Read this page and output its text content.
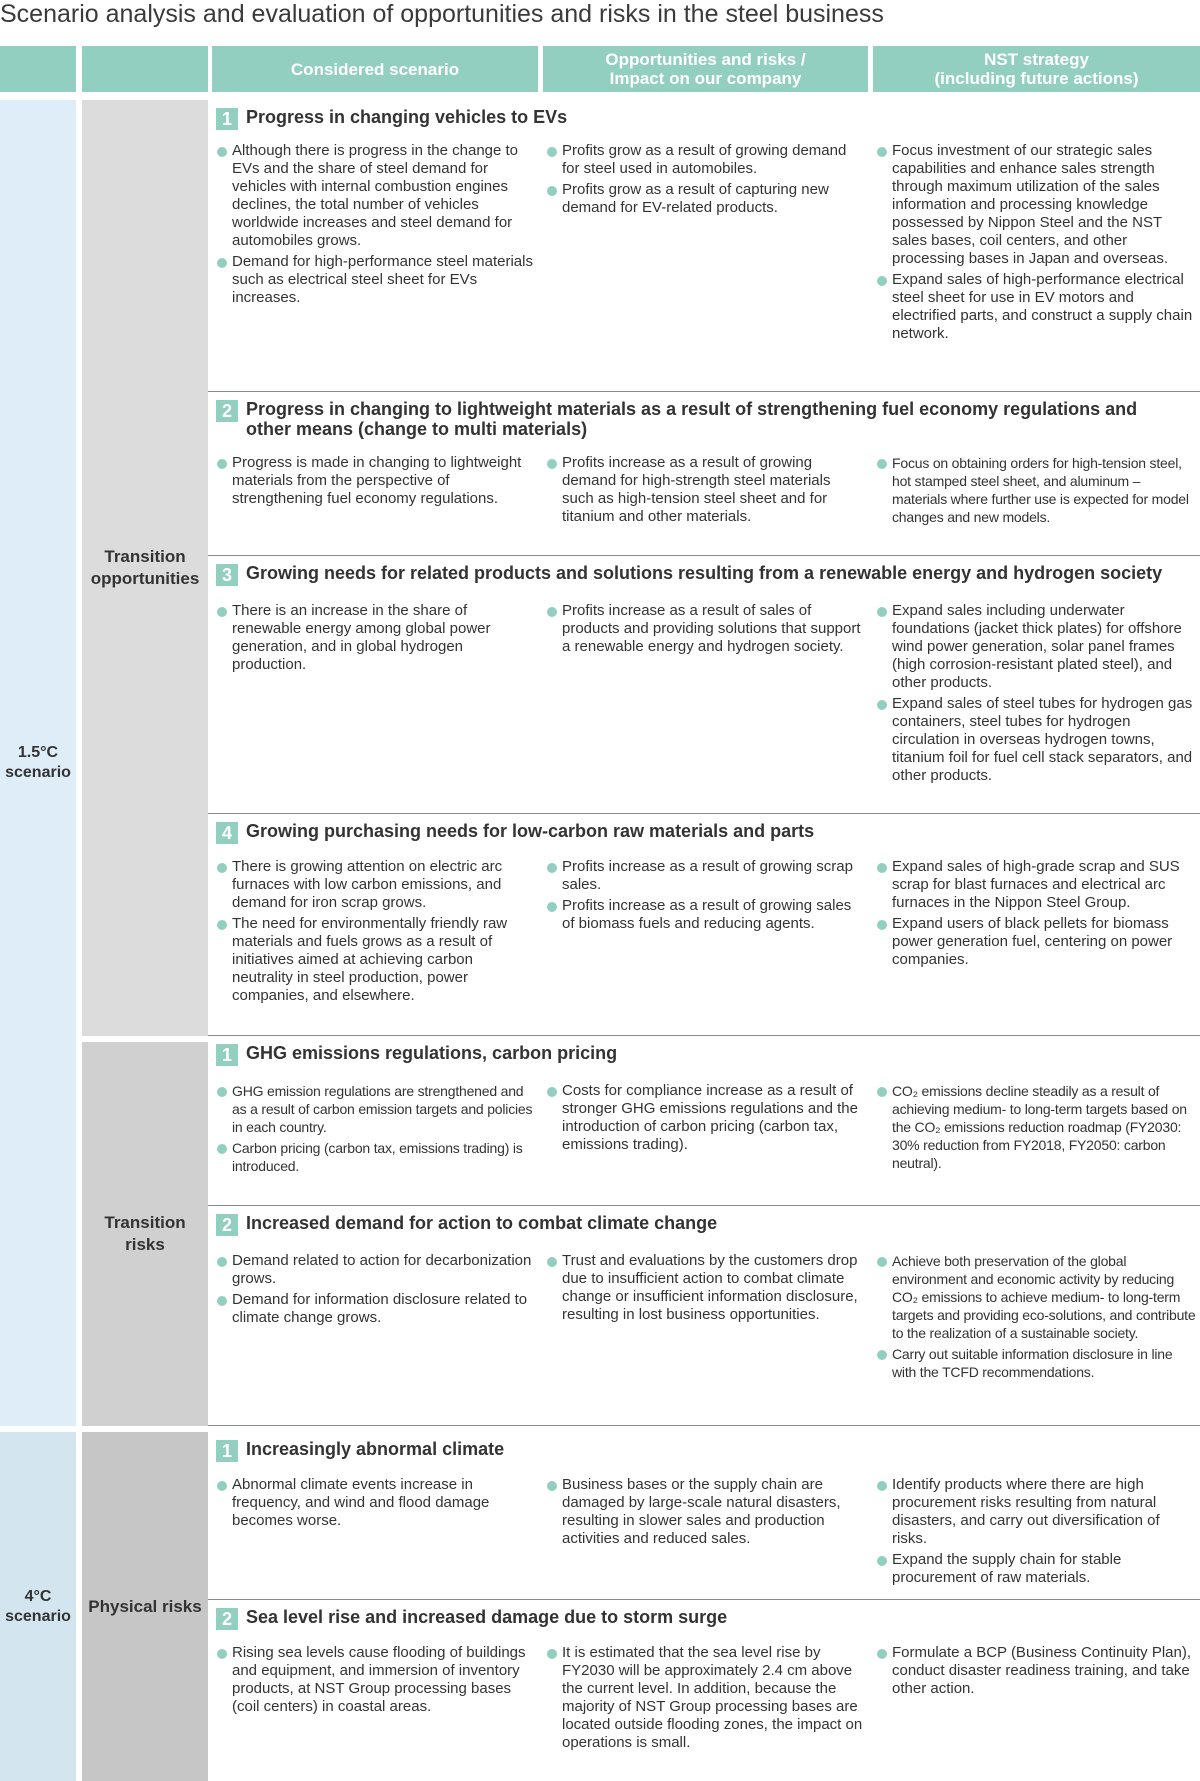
Scenario analysis and evaluation of opportunities and risks in the steel business
Considered scenario	Opportunities and risks /
Impact on our company
NST strategy
(including future actions)
1.5°C
scenario
4°C
scenario
Transition
opportunities
Transition
risks
Physical risks
1 Progress in changing vehicles to EVs
Although there is progress in the change to EVs and the share of steel demand for vehicles with internal combustion engines declines, the total number of vehicles worldwide increases and steel demand for automobiles grows.
Demand for high-performance steel materials such as electrical steel sheet for EVs increases.
Profits grow as a result of growing demand for steel used in automobiles.
Profits grow as a result of capturing new demand for EV-related products.
Focus investment of our strategic sales capabilities and enhance sales strength through maximum utilization of the sales information and processing knowledge possessed by Nippon Steel and the NST sales bases, coil centers, and other processing bases in Japan and overseas.
Expand sales of high-performance electrical steel sheet for use in EV motors and electrified parts, and construct a supply chain network.
2 Progress in changing to lightweight materials as a result of strengthening fuel economy regulations and other means (change to multi materials)
Progress is made in changing to lightweight materials from the perspective of strengthening fuel economy regulations.
Profits increase as a result of growing demand for high-strength steel materials such as high-tension steel sheet and for titanium and other materials.
Focus on obtaining orders for high-tension steel, hot stamped steel sheet, and aluminum – materials where further use is expected for model changes and new models.
3 Growing needs for related products and solutions resulting from a renewable energy and hydrogen society
There is an increase in the share of renewable energy among global power generation, and in global hydrogen production.
Profits increase as a result of sales of products and providing solutions that support a renewable energy and hydrogen society.
Expand sales including underwater foundations (jacket thick plates) for offshore wind power generation, solar panel frames (high corrosion-resistant plated steel), and other products.
Expand sales of steel tubes for hydrogen gas containers, steel tubes for hydrogen circulation in overseas hydrogen towns, titanium foil for fuel cell stack separators, and other products.
4 Growing purchasing needs for low-carbon raw materials and parts
There is growing attention on electric arc furnaces with low carbon emissions, and demand for iron scrap grows.
The need for environmentally friendly raw materials and fuels grows as a result of initiatives aimed at achieving carbon neutrality in steel production, power companies, and elsewhere.
Profits increase as a result of growing scrap sales.
Profits increase as a result of growing sales of biomass fuels and reducing agents.
Expand sales of high-grade scrap and SUS scrap for blast furnaces and electrical arc furnaces in the Nippon Steel Group.
Expand users of black pellets for biomass power generation fuel, centering on power companies.
1 GHG emissions regulations, carbon pricing
GHG emission regulations are strengthened and as a result of carbon emission targets and policies in each country.
Carbon pricing (carbon tax, emissions trading) is introduced.
Costs for compliance increase as a result of stronger GHG emissions regulations and the introduction of carbon pricing (carbon tax, emissions trading).
CO₂ emissions decline steadily as a result of achieving medium- to long-term targets based on the CO₂ emissions reduction roadmap (FY2030: 30% reduction from FY2018, FY2050: carbon neutral).
2 Increased demand for action to combat climate change
Demand related to action for decarbonization grows.
Demand for information disclosure related to climate change grows.
Trust and evaluations by the customers drop due to insufficient action to combat climate change or insufficient information disclosure, resulting in lost business opportunities.
Achieve both preservation of the global environment and economic activity by reducing CO₂ emissions to achieve medium- to long-term targets and providing eco-solutions, and contribute to the realization of a sustainable society.
Carry out suitable information disclosure in line with the TCFD recommendations.
1 Increasingly abnormal climate
Abnormal climate events increase in frequency, and wind and flood damage becomes worse.
Business bases or the supply chain are damaged by large-scale natural disasters, resulting in slower sales and production activities and reduced sales.
Identify products where there are high procurement risks resulting from natural disasters, and carry out diversification of risks.
Expand the supply chain for stable procurement of raw materials.
2 Sea level rise and increased damage due to storm surge
Rising sea levels cause flooding of buildings and equipment, and immersion of inventory products, at NST Group processing bases (coil centers) in coastal areas.
It is estimated that the sea level rise by FY2030 will be approximately 2.4 cm above the current level. In addition, because the majority of NST Group processing bases are located outside flooding zones, the impact on operations is small.
Formulate a BCP (Business Continuity Plan), conduct disaster readiness training, and take other action.
